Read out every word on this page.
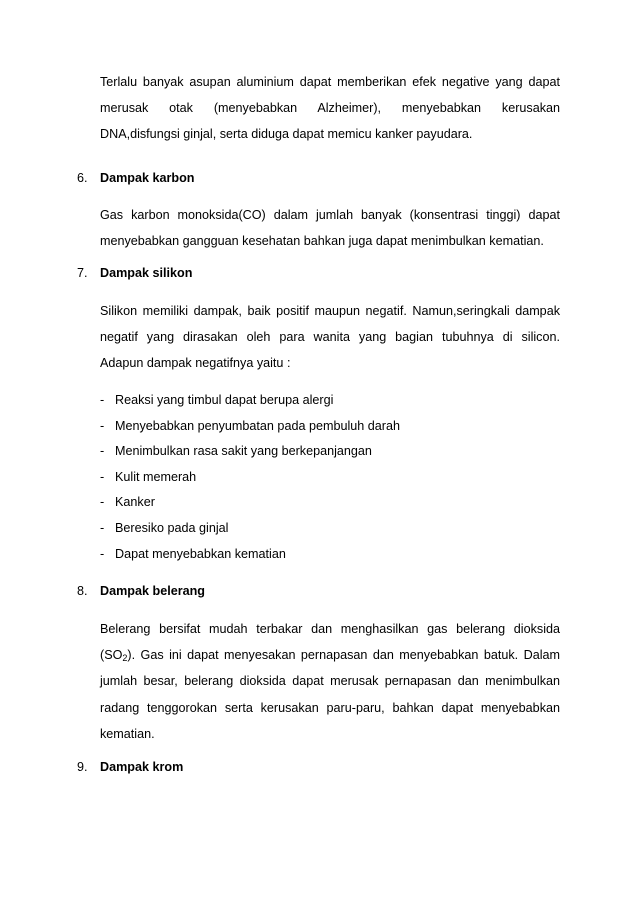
Terlalu banyak asupan aluminium dapat memberikan efek negative yang dapat

merusak otak (menyebabkan Alzheimer), menyebabkan kerusakan

DNA,disfungsi ginjal, serta diduga dapat memicu kanker payudara.

6. Dampak karbon

Gas karbon monoksida(CO) dalam jumlah banyak (konsentrasi tinggi) dapat

menyebabkan gangguan kesehatan bahkan juga dapat menimbulkan kematian.

7. Dampak silikon

Silikon memiliki dampak, baik positif maupun negatif. Namun,seringkali dampak

negatif yang dirasakan oleh para wanita yang bagian tubuhnya di silicon.

Adapun dampak negatifnya yaitu :

- Reaksi yang timbul dapat berupa alergi
- Menyebabkan penyumbatan pada pembuluh darah
- Menimbulkan rasa sakit yang berkepanjangan
- Kulit memerah
- Kanker
- Beresiko pada ginjal
- Dapat menyebabkan kematian
8. Dampak belerang

Belerang bersifat mudah terbakar dan menghasilkan gas belerang dioksida

$(SO_2)$. Gas ini dapat menyesakan pernapasan dan menyebabkan batuk. Dalam

jumlah besar, belerang dioksida dapat merusak pernapasan dan menimbulkan

radang tenggorokan serta kerusakan paru-paru, bahkan dapat menyebabkan

kematian.

9. Dampak krom
